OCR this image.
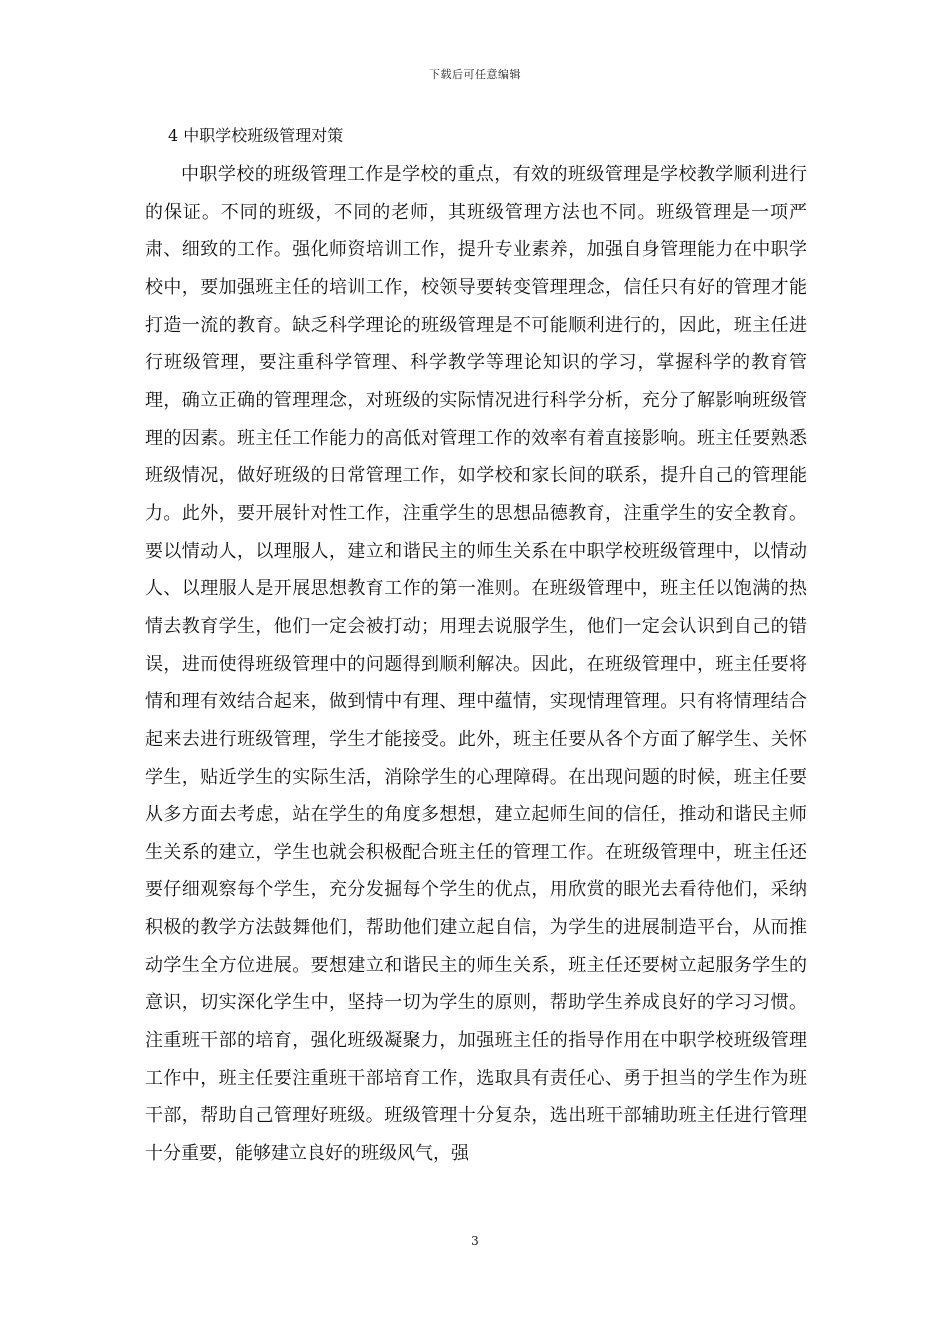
下载后可任意编辑
4 中职学校班级管理对策

中职学校的班级管理工作是学校的重点，有效的班级管理是学校教学顺利进行的保证。不同的班级，不同的老师，其班级管理方法也不同。班级管理是一项严肃、细致的工作。强化师资培训工作，提升专业素养，加强自身管理能力在中职学校中，要加强班主任的培训工作，校领导要转变管理理念，信任只有好的管理才能打造一流的教育。缺乏科学理论的班级管理是不可能顺利进行的，因此，班主任进行班级管理，要注重科学管理、科学教学等理论知识的学习，掌握科学的教育管理，确立正确的管理理念，对班级的实际情况进行科学分析，充分了解影响班级管理的因素。班主任工作能力的高低对管理工作的效率有着直接影响。班主任要熟悉班级情况，做好班级的日常管理工作，如学校和家长间的联系，提升自己的管理能力。此外，要开展针对性工作，注重学生的思想品德教育，注重学生的安全教育。要以情动人，以理服人，建立和谐民主的师生关系在中职学校班级管理中，以情动人、以理服人是开展思想教育工作的第一准则。在班级管理中，班主任以饱满的热情去教育学生，他们一定会被打动；用理去说服学生，他们一定会认识到自己的错误，进而使得班级管理中的问题得到顺利解决。因此，在班级管理中，班主任要将情和理有效结合起来，做到情中有理、理中蕴情，实现情理管理。只有将情理结合起来去进行班级管理，学生才能接受。此外，班主任要从各个方面了解学生、关怀学生，贴近学生的实际生活，消除学生的心理障碍。在出现问题的时候，班主任要从多方面去考虑，站在学生的角度多想想，建立起师生间的信任，推动和谐民主师生关系的建立，学生也就会积极配合班主任的管理工作。在班级管理中，班主任还要仔细观察每个学生，充分发掘每个学生的优点，用欣赏的眼光去看待他们，采纳积极的教学方法鼓舞他们，帮助他们建立起自信，为学生的进展制造平台，从而推动学生全方位进展。要想建立和谐民主的师生关系，班主任还要树立起服务学生的意识，切实深化学生中，坚持一切为学生的原则，帮助学生养成良好的学习习惯。注重班干部的培育，强化班级凝聚力，加强班主任的指导作用在中职学校班级管理工作中，班主任要注重班干部培育工作，选取具有责任心、勇于担当的学生作为班干部，帮助自己管理好班级。班级管理十分复杂，选出班干部辅助班主任进行管理十分重要，能够建立良好的班级风气，强

3
